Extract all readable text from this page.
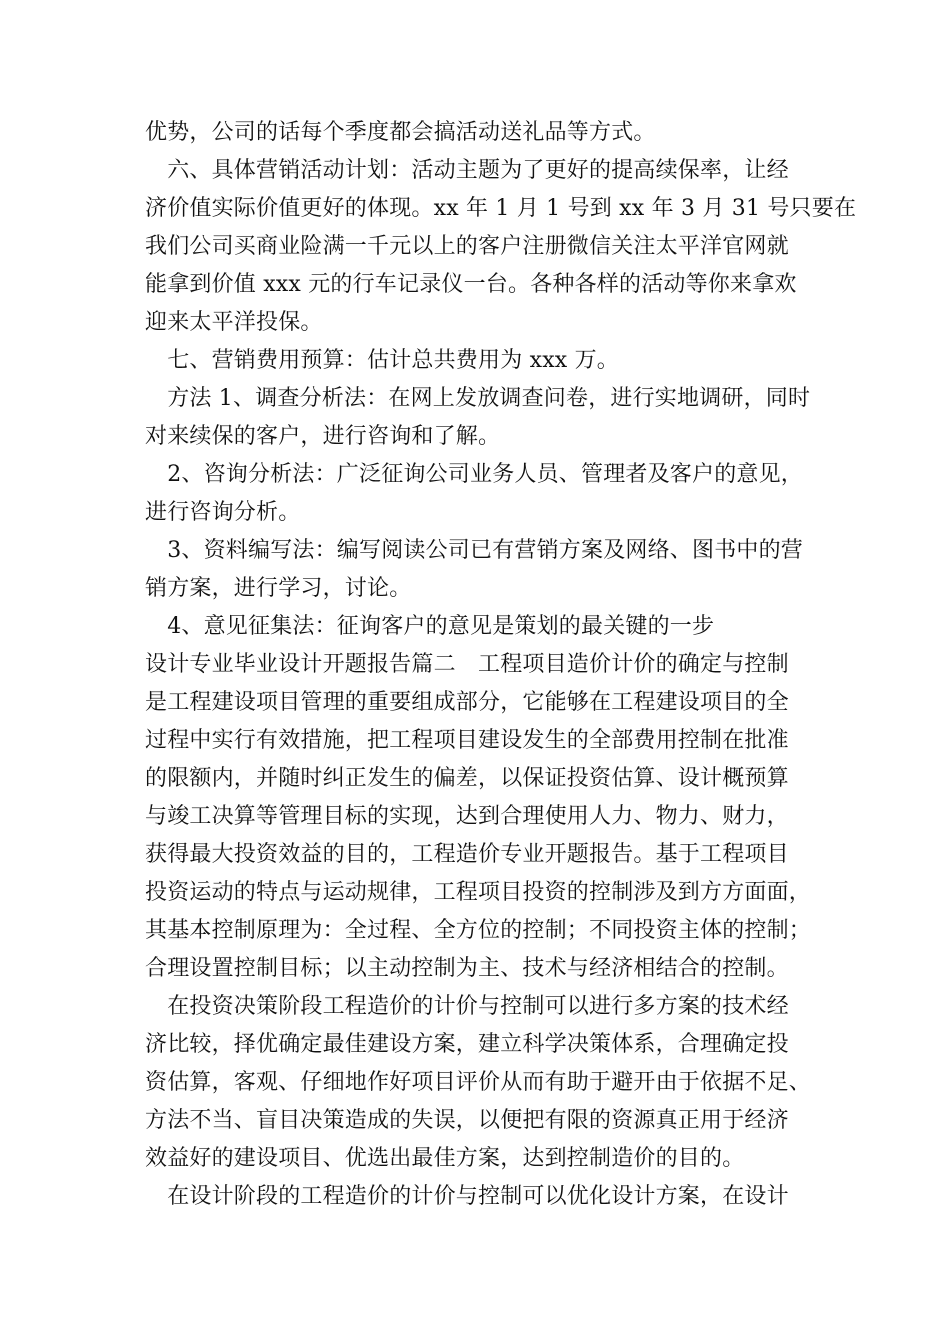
优势，公司的话每个季度都会搞活动送礼品等方式。
　六、具体营销活动计划：活动主题为了更好的提高续保率，让经
济价值实际价值更好的体现。xx 年 1 月 1 号到 xx 年 3 月 31 号只要在
我们公司买商业险满一千元以上的客户注册微信关注太平洋官网就
能拿到价值 xxx 元的行车记录仪一台。各种各样的活动等你来拿欢
迎来太平洋投保。
　七、营销费用预算：估计总共费用为 xxx 万。
　方法 1、调查分析法：在网上发放调查问卷，进行实地调研，同时
对来续保的客户，进行咨询和了解。
　2、咨询分析法：广泛征询公司业务人员、管理者及客户的意见，
进行咨询分析。
　3、资料编写法：编写阅读公司已有营销方案及网络、图书中的营
销方案，进行学习，讨论。
　4、意见征集法：征询客户的意见是策划的最关键的一步
设计专业毕业设计开题报告篇二　工程项目造价计价的确定与控制
是工程建设项目管理的重要组成部分，它能够在工程建设项目的全
过程中实行有效措施，把工程项目建设发生的全部费用控制在批准
的限额内，并随时纠正发生的偏差，以保证投资估算、设计概预算
与竣工决算等管理目标的实现，达到合理使用人力、物力、财力，
获得最大投资效益的目的，工程造价专业开题报告。基于工程项目
投资运动的特点与运动规律，工程项目投资的控制涉及到方方面面，
其基本控制原理为：全过程、全方位的控制；不同投资主体的控制；
合理设置控制目标；以主动控制为主、技术与经济相结合的控制。
　在投资决策阶段工程造价的计价与控制可以进行多方案的技术经
济比较，择优确定最佳建设方案，建立科学决策体系，合理确定投
资估算，客观、仔细地作好项目评价从而有助于避开由于依据不足、
方法不当、盲目决策造成的失误，以便把有限的资源真正用于经济
效益好的建设项目、优选出最佳方案，达到控制造价的目的。
　在设计阶段的工程造价的计价与控制可以优化设计方案，在设计
